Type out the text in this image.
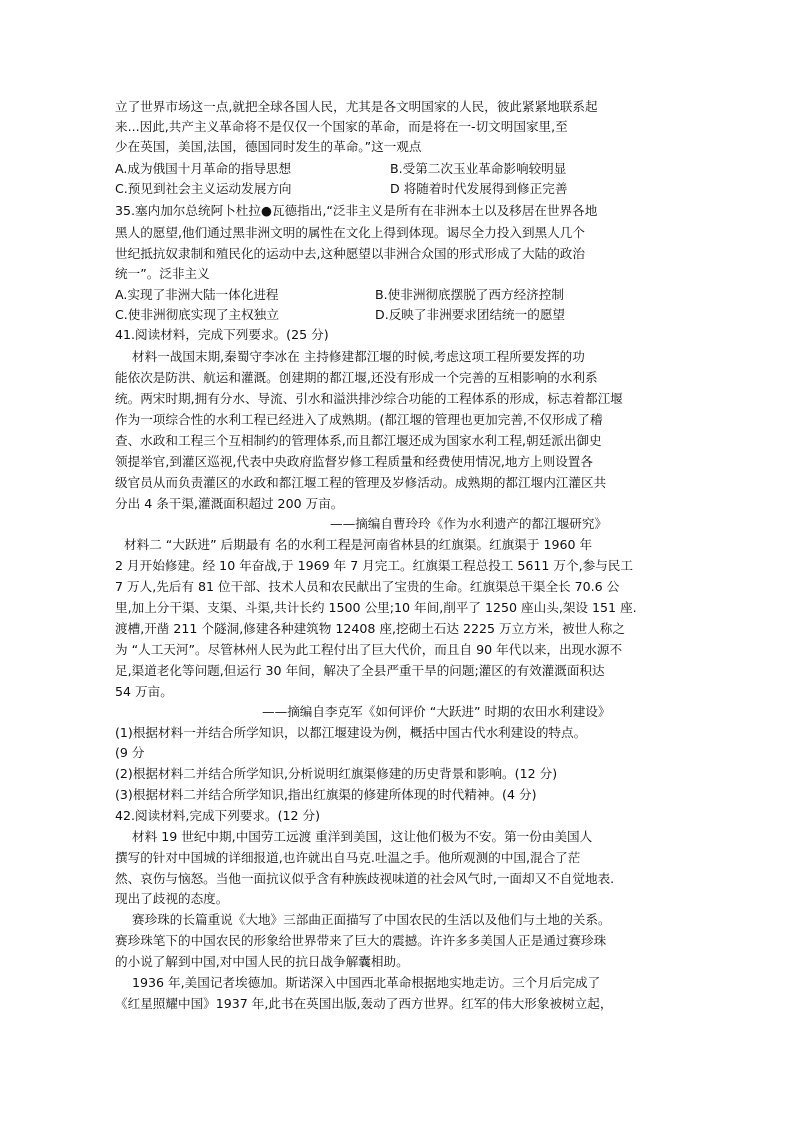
立了世界市场这一点,就把全球各国人民，尤其是各文明国家的人民，彼此紧紧地联系起
来...因此,共产主义革命将不是仅仅一个国家的革命，而是将在一-切文明国家里,至
少在英国，美国,法国，德国同时发生的革命。”这一观点
A.成为俄国十月革命的指导思想	B.受第二次玉业革命影响较明显
C.预见到社会主义运动发展方向	D 将随着时代发展得到修正完善
35.塞内加尔总统阿卜杜拉●瓦德指出,“泛非主义是所有在非洲本土以及移居在世界各地
黑人的愿望,他们通过黑非洲文明的属性在文化上得到体现。谒尽全力投入到黑人几个
世纪抵抗奴隶制和殖民化的运动中去,这种愿望以非洲合众国的形式形成了大陆的政治
统一”。泛非主义
A.实现了非洲大陆一体化进程	B.使非洲彻底摆脱了西方经济控制
C.使非洲彻底实现了主权独立	D.反映了非洲要求团结统一的愿望
41.阅读材料，完成下列要求。(25 分)
材料一战国末期,秦蜀守李冰在 主持修建都江堰的时候,考虑这项工程所要发挥的功
能依次是防洪、航运和灌溉。创建期的都江堰,还没有形成一个完善的互相影响的水利系
统。两宋时期,拥有分水、导流、引水和溢洪排沙综合功能的工程体系的形成，标志着都江堰
作为一项综合性的水利工程已经进入了成熟期。(都江堰的管理也更加完善,不仅形成了稽
查、水政和工程三个互相制约的管理体系,而且都江堰还成为国家水利工程,朝廷派出御史
领提举官,到灌区巡视,代表中央政府监督岁修工程质量和经费使用情况,地方上则设置各
级官员从而负责灌区的水政和都江堰工程的管理及岁修活动。成熟期的都江堰内江灌区共
分出 4 条干渠,灌溉面积超过 200 万亩。
——摘编自曹玲玲《作为水利遗产的都江堰研究》
材料二 “大跃进” 后期最有 名的水利工程是河南省林县的红旗渠。红旗渠于 1960 年
2 月开始修建。经 10 年奋战,于 1969 年 7 月完工。红旗渠工程总投工 5611 万个,参与民工
7 万人,先后有 81 位干部、技术人员和农民献出了宝贵的生命。红旗渠总干渠全长 70.6 公
里,加上分干渠、支渠、斗渠,共计长约 1500 公里;10 年间,削平了 1250 座山头,架设 151 座.
渡槽,开凿 211 个隧洞,修建各种建筑物 12408 座,挖砌土石达 2225 万立方米，被世人称之
为 “人工天河”。尽管林州人民为此工程付出了巨大代价，而且自 90 年代以来，出现水源不
足,渠道老化等问题,但运行 30 年间，解决了全县严重干旱的问题;灌区的有效灌溉面积达
54 万亩。
——摘编自李克军《如何评价 “大跃进” 时期的农田水利建设》
(1)根据材料一并结合所学知识，以都江堰建设为例，概括中国古代水利建设的特点。
(9 分
(2)根据材料二并结合所学知识,分析说明红旗渠修建的历史背景和影响。(12 分)
(3)根据材料二并结合所学知识,指出红旗渠的修建所体现的时代精神。(4 分)
42.阅读材料,完成下列要求。(12 分)
材料 19 世纪中期,中国劳工远渡 重洋到美国，这让他们极为不安。第一份由美国人
撰写的针对中国城的详细报道,也许就出自马克.吐温之手。他所观测的中国,混合了茫
然、哀伤与恼怒。当他一面抗议似乎含有种族歧视味道的社会风气时,一面却又不自觉地表.
现出了歧视的态度。
赛珍珠的长篇重说《大地》三部曲正面描写了中国农民的生活以及他们与土地的关系。
赛珍珠笔下的中国农民的形象给世界带来了巨大的震撼。许许多多美国人正是通过赛珍珠
的小说了解到中国,对中国人民的抗日战争解囊相助。
1936 年,美国记者埃德加。斯诺深入中国西北革命根据地实地走访。三个月后完成了
《红星照耀中国》1937 年,此书在英国出版,轰动了西方世界。红军的伟大形象被树立起，
